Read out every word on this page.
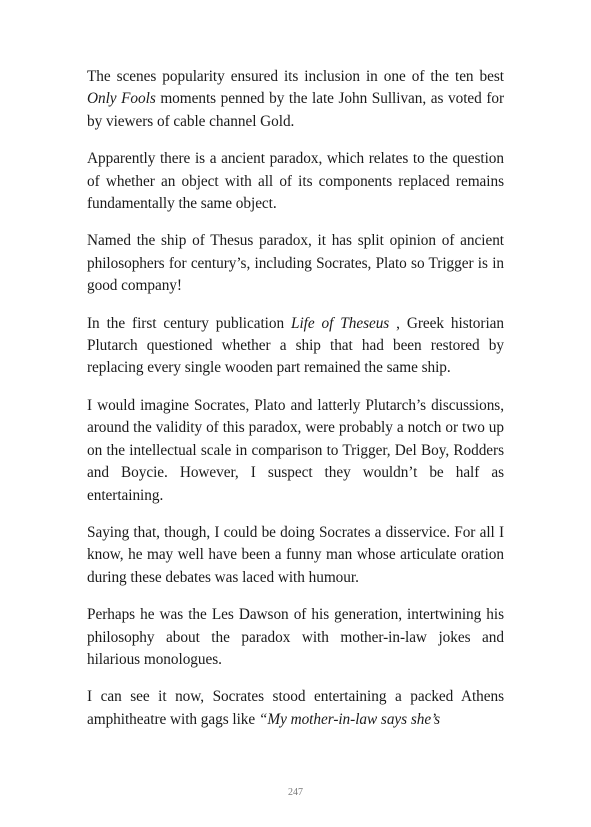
The scenes popularity ensured its inclusion in one of the ten best Only Fools moments penned by the late John Sullivan, as voted for by viewers of cable channel Gold.

Apparently there is a ancient paradox, which relates to the question of whether an object with all of its components replaced remains fundamentally the same object.

Named the ship of Thesus paradox, it has split opinion of ancient philosophers for century’s, including Socrates, Plato so Trigger is in good company!

In the first century publication Life of Theseus , Greek historian Plutarch questioned whether a ship that had been restored by replacing every single wooden part remained the same ship.

I would imagine Socrates, Plato and latterly Plutarch’s discussions, around the validity of this paradox, were probably a notch or two up on the intellectual scale in comparison to Trigger, Del Boy, Rodders and Boycie. However, I suspect they wouldn’t be half as entertaining.

Saying that, though, I could be doing Socrates a disservice. For all I know, he may well have been a funny man whose articulate oration during these debates was laced with humour.

Perhaps he was the Les Dawson of his generation, intertwining his philosophy about the paradox with mother-in-law jokes and hilarious monologues.

I can see it now, Socrates stood entertaining a packed Athens amphitheatre with gags like “My mother-in-law says she’s

247
